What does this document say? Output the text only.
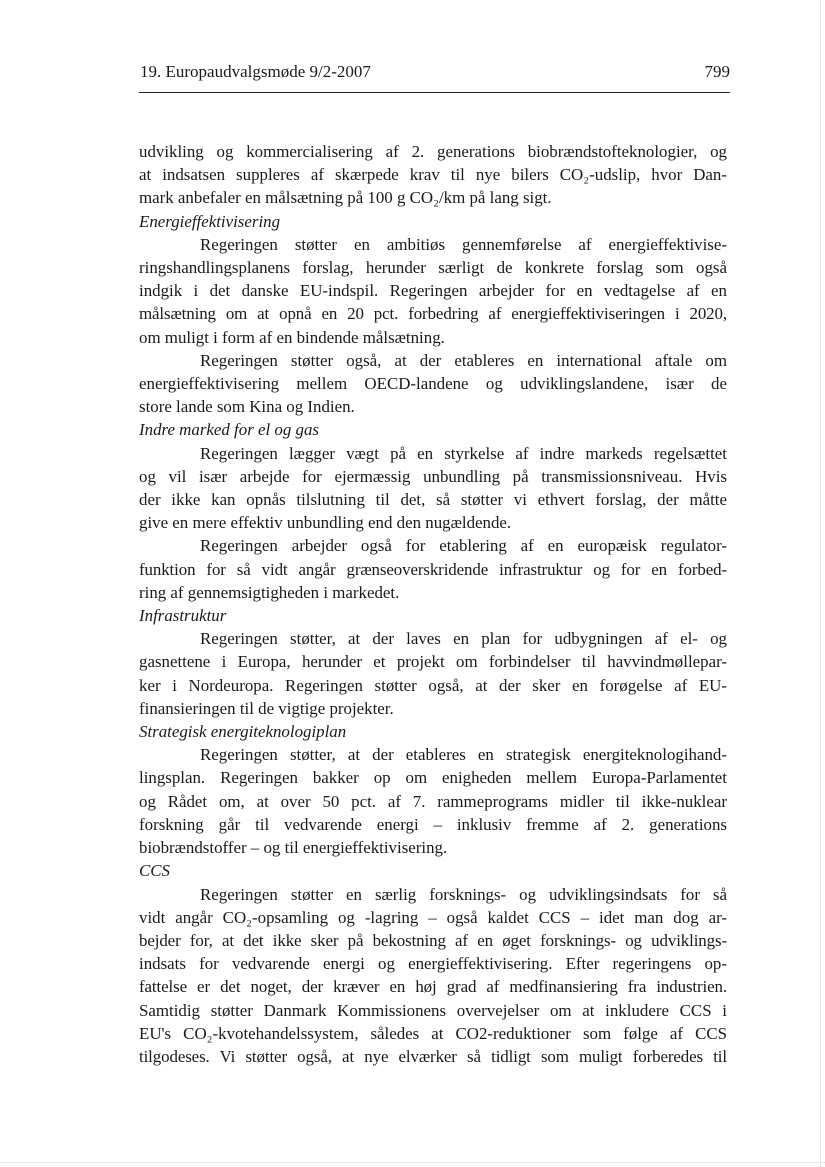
19. Europaudvalgsmøde 9/2-2007	799
udvikling og kommercialisering af 2. generations biobrændstofteknologier, og
at indsatsen suppleres af skærpede krav til nye bilers CO₂-udslip, hvor Dan-
mark anbefaler en målsætning på 100 g CO₂/km på lang sigt.
Energieffektivisering
Regeringen støtter en ambitiøs gennemførelse af energieffektivise-
ringshandlingsplanens forslag, herunder særligt de konkrete forslag som også
indgik i det danske EU-indspil. Regeringen arbejder for en vedtagelse af en
målsætning om at opnå en 20 pct. forbedring af energieffektiviseringen i 2020,
om muligt i form af en bindende målsætning.
Regeringen støtter også, at der etableres en international aftale om
energieffektivisering mellem OECD-landene og udviklingslandene, især de
store lande som Kina og Indien.
Indre marked for el og gas
Regeringen lægger vægt på en styrkelse af indre markeds regelsættet
og vil især arbejde for ejermæssig unbundling på transmissionsniveau. Hvis
der ikke kan opnås tilslutning til det, så støtter vi ethvert forslag, der måtte
give en mere effektiv unbundling end den nugældende.
Regeringen arbejder også for etablering af en europæisk regulator-
funktion for så vidt angår grænseoverskridende infrastruktur og for en forbed-
ring af gennemsigtigheden i markedet.
Infrastruktur
Regeringen støtter, at der laves en plan for udbygningen af el- og
gasnettene i Europa, herunder et projekt om forbindelser til havvindmøllepar-
ker i Nordeuropa. Regeringen støtter også, at der sker en forøgelse af EU-
finansieringen til de vigtige projekter.
Strategisk energiteknologiplan
Regeringen støtter, at der etableres en strategisk energiteknologihand-
lingsplan. Regeringen bakker op om enigheden mellem Europa-Parlamentet
og Rådet om, at over 50 pct. af 7. rammeprograms midler til ikke-nuklear
forskning går til vedvarende energi – inklusiv fremme af 2. generations
biobrændstoffer – og til energieffektivisering.
CCS
Regeringen støtter en særlig forsknings- og udviklingsindsats for så
vidt angår CO₂-opsamling og -lagring – også kaldet CCS – idet man dog ar-
bejder for, at det ikke sker på bekostning af en øget forsknings- og udviklings-
indsats for vedvarende energi og energieffektivisering. Efter regeringens op-
fattelse er det noget, der kræver en høj grad af medfinansiering fra industrien.
Samtidig støtter Danmark Kommissionens overvejelser om at inkludere CCS i
EU's CO₂-kvotehandelssystem, således at CO2-reduktioner som følge af CCS
tilgodeses. Vi støtter også, at nye elværker så tidligt som muligt forberedes til
